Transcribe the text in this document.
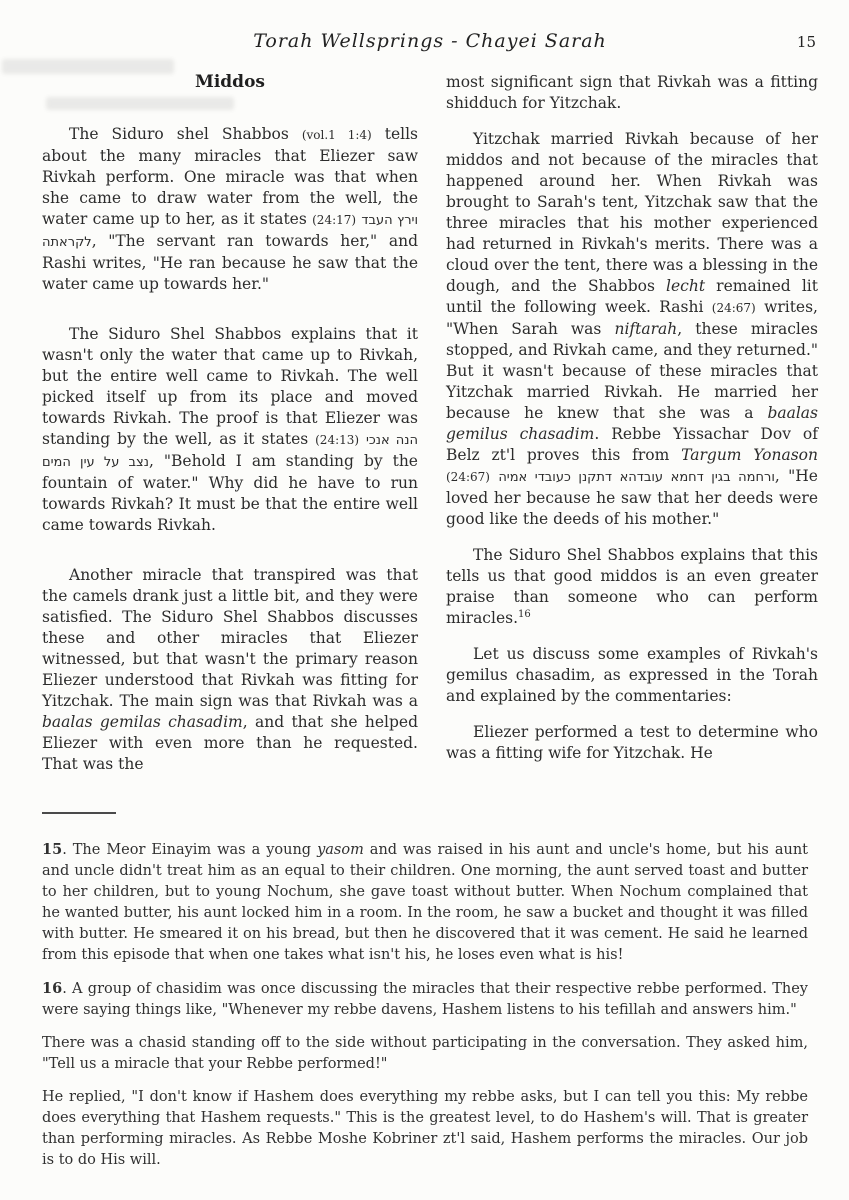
Torah Wellsprings - Chayei Sarah	15
Middos

The Siduro shel Shabbos (vol.1 1:4) tells about the many miracles that Eliezer saw Rivkah perform. One miracle was that when she came to draw water from the well, the water came up to her, as it states (24:17) וירץ העבד לקראתה, "The servant ran towards her," and Rashi writes, "He ran because he saw that the water came up towards her."

The Siduro Shel Shabbos explains that it wasn't only the water that came up to Rivkah, but the entire well came to Rivkah. The well picked itself up from its place and moved towards Rivkah. The proof is that Eliezer was standing by the well, as it states (24:13) הנה אנכי נצב על עין המים, "Behold I am standing by the fountain of water." Why did he have to run towards Rivkah? It must be that the entire well came towards Rivkah.

Another miracle that transpired was that the camels drank just a little bit, and they were satisfied. The Siduro Shel Shabbos discusses these and other miracles that Eliezer witnessed, but that wasn't the primary reason Eliezer understood that Rivkah was fitting for Yitzchak. The main sign was that Rivkah was a baalas gemilas chasadim, and that she helped Eliezer with even more than he requested. That was the

most significant sign that Rivkah was a fitting shidduch for Yitzchak.

Yitzchak married Rivkah because of her middos and not because of the miracles that happened around her. When Rivkah was brought to Sarah's tent, Yitzchak saw that the three miracles that his mother experienced had returned in Rivkah's merits. There was a cloud over the tent, there was a blessing in the dough, and the Shabbos lecht remained lit until the following week. Rashi (24:67) writes, "When Sarah was niftarah, these miracles stopped, and Rivkah came, and they returned." But it wasn't because of these miracles that Yitzchak married Rivkah. He married her because he knew that she was a baalas gemilus chasadim. Rebbe Yissachar Dov of Belz zt'l proves this from Targum Yonason (24:67) ורחמה בגין דחמא עובדהא דתקנן כעובדי אמיה, "He loved her because he saw that her deeds were good like the deeds of his mother."

The Siduro Shel Shabbos explains that this tells us that good middos is an even greater praise than someone who can perform miracles.$^{16}$

Let us discuss some examples of Rivkah's gemilus chasadim, as expressed in the Torah and explained by the commentaries:

Eliezer performed a test to determine who was a fitting wife for Yitzchak. He

15. The Meor Einayim was a young yasom and was raised in his aunt and uncle's home, but his aunt and uncle didn't treat him as an equal to their children. One morning, the aunt served toast and butter to her children, but to young Nochum, she gave toast without butter. When Nochum complained that he wanted butter, his aunt locked him in a room. In the room, he saw a bucket and thought it was filled with butter. He smeared it on his bread, but then he discovered that it was cement. He said he learned from this episode that when one takes what isn't his, he loses even what is his!

16. A group of chasidim was once discussing the miracles that their respective rebbe performed. They were saying things like, "Whenever my rebbe davens, Hashem listens to his tefillah and answers him."

There was a chasid standing off to the side without participating in the conversation. They asked him, "Tell us a miracle that your Rebbe performed!"

He replied, "I don't know if Hashem does everything my rebbe asks, but I can tell you this: My rebbe does everything that Hashem requests." This is the greatest level, to do Hashem's will. That is greater than performing miracles. As Rebbe Moshe Kobriner zt'l said, Hashem performs the miracles. Our job is to do His will.
